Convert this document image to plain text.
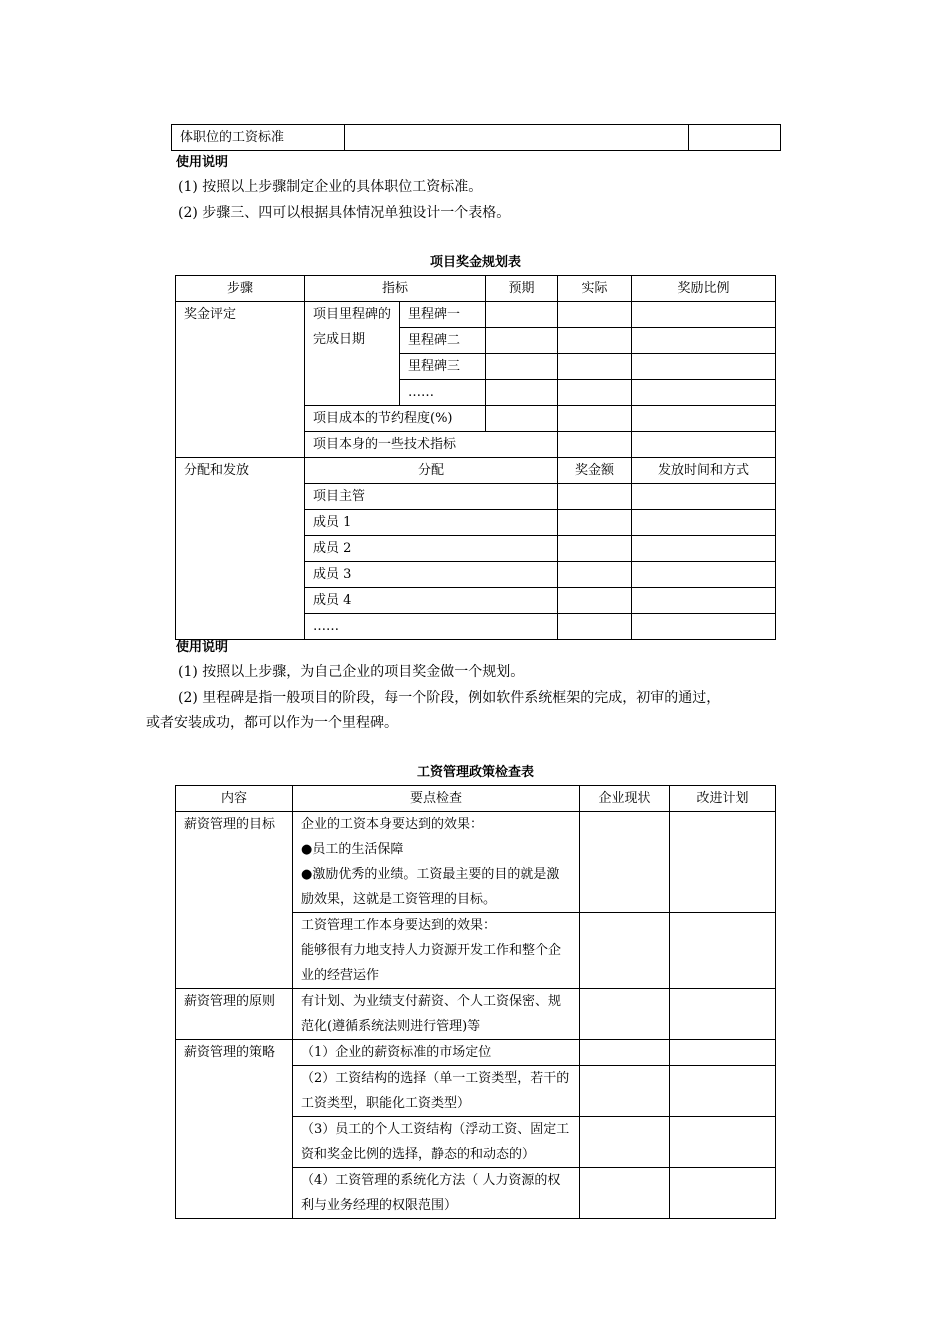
体职位的工资标准		
使用说明
(1) 按照以上步骤制定企业的具体职位工资标准。
(2) 步骤三、四可以根据具体情况单独设计一个表格。
项目奖金规划表
步骤	指标		预期	实际	奖励比例
奖金评定	项目里程碑的完成日期	里程碑一			
		里程碑二			
		里程碑三			
		……			
	项目成本的节约程度(%)				
	项目本身的一些技术指标				
分配和发放	分配			奖金额	发放时间和方式
	项目主管				
	成员 1				
	成员 2				
	成员 3				
	成员 4				
	……				
使用说明
(1) 按照以上步骤，为自己企业的项目奖金做一个规划。
(2) 里程碑是指一般项目的阶段，每一个阶段，例如软件系统框架的完成，初审的通过，
或者安装成功，都可以作为一个里程碑。
工资管理政策检查表
内容	要点检查	企业现状	改进计划
薪资管理的目标	企业的工资本身要达到的效果：
●员工的生活保障
●激励优秀的业绩。工资最主要的目的就是激励效果，这就是工资管理的目标。		

	工资管理工作本身要达到的效果：
能够很有力地支持人力资源开发工作和整个企业的经营运作		

薪资管理的原则	有计划、为业绩支付薪资、个人工资保密、规范化(遵循系统法则进行管理)等		
薪资管理的策略	（1）企业的薪资标准的市场定位		
	（2）工资结构的选择（单一工资类型，若干的工资类型，职能化工资类型）		
	（3）员工的个人工资结构（浮动工资、固定工资和奖金比例的选择，静态的和动态的）		
	（4）工资管理的系统化方法（ 人力资源的权利与业务经理的权限范围）		
